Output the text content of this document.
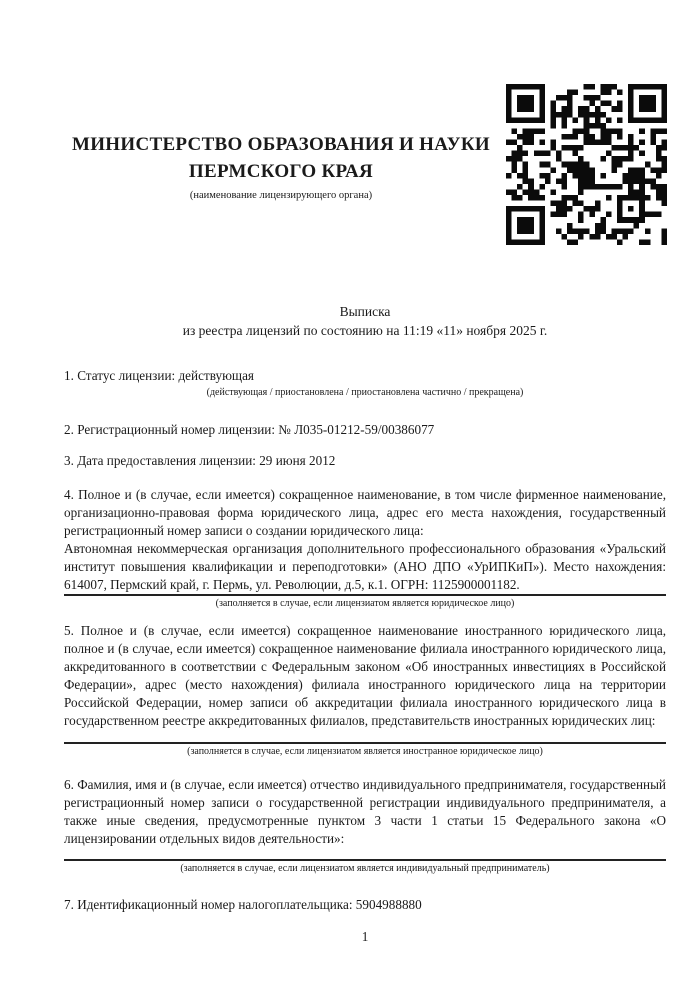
МИНИСТЕРСТВО ОБРАЗОВАНИЯ И НАУКИ
ПЕРМСКОГО КРАЯ
(наименование лицензирующего органа)
Выписка
из реестра лицензий по состоянию на 11:19 «11» ноября 2025 г.
1. Статус лицензии: действующая
(действующая / приостановлена / приостановлена частично / прекращена)
2. Регистрационный номер лицензии: № Л035-01212-59/00386077
3. Дата предоставления лицензии: 29 июня 2012
4. Полное и (в случае, если имеется) сокращенное наименование, в том числе фирменное наименование, организационно-правовая форма юридического лица, адрес его места нахождения, государственный регистрационный номер записи о создании юридического лица:
Автономная некоммерческая организация дополнительного профессионального образования «Уральский институт повышения квалификации и переподготовки» (АНО ДПО «УрИПКиП»). Место нахождения: 614007, Пермский край, г. Пермь, ул. Революции, д.5, к.1. ОГРН: 1125900001182.
(заполняется в случае, если лицензиатом является юридическое лицо)
5. Полное и (в случае, если имеется) сокращенное наименование иностранного юридического лица, полное и (в случае, если имеется) сокращенное наименование филиала иностранного юридического лица, аккредитованного в соответствии с Федеральным законом «Об иностранных инвестициях в Российской Федерации», адрес (место нахождения) филиала иностранного юридического лица на территории Российской Федерации, номер записи об аккредитации филиала иностранного юридического лица в государственном реестре аккредитованных филиалов, представительств иностранных юридических лиц:
(заполняется в случае, если лицензиатом является иностранное юридическое лицо)
6. Фамилия, имя и (в случае, если имеется) отчество индивидуального предпринимателя, государственный регистрационный номер записи о государственной регистрации индивидуального предпринимателя, а также иные сведения, предусмотренные пунктом 3 части 1 статьи 15 Федерального закона «О лицензировании отдельных видов деятельности»:
(заполняется в случае, если лицензиатом является индивидуальный предприниматель)
7. Идентификационный номер налогоплательщика: 5904988880
1
